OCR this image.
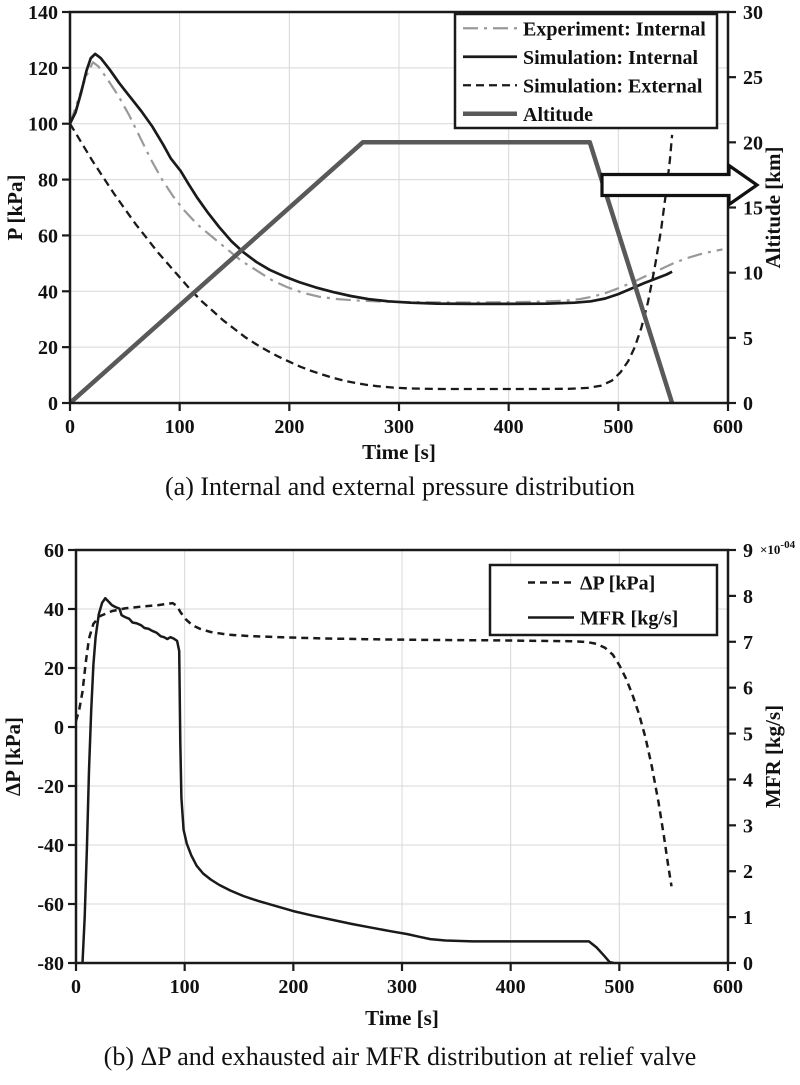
0	100	200	300	400	500	600
0
20
40
60
80
100
120
140
0
5
10
15
20
25
30
Time [s]
P [kPa]	Altitude [km]
Experiment: Internal
Simulation: Internal
Simulation: External
Altitude
(a) Internal and external pressure distribution
0	100	200	300	400	500	600
-80
-60
-40
-20
0
20
40
60
0
1
2
3
4
5
6
7
8
9
Time [s]
ΔP [kPa]	MFR [kg/s]
$\times 10^{-04}$
ΔP [kPa]
MFR [kg/s]
(b) ΔP and exhausted air MFR distribution at relief valve
